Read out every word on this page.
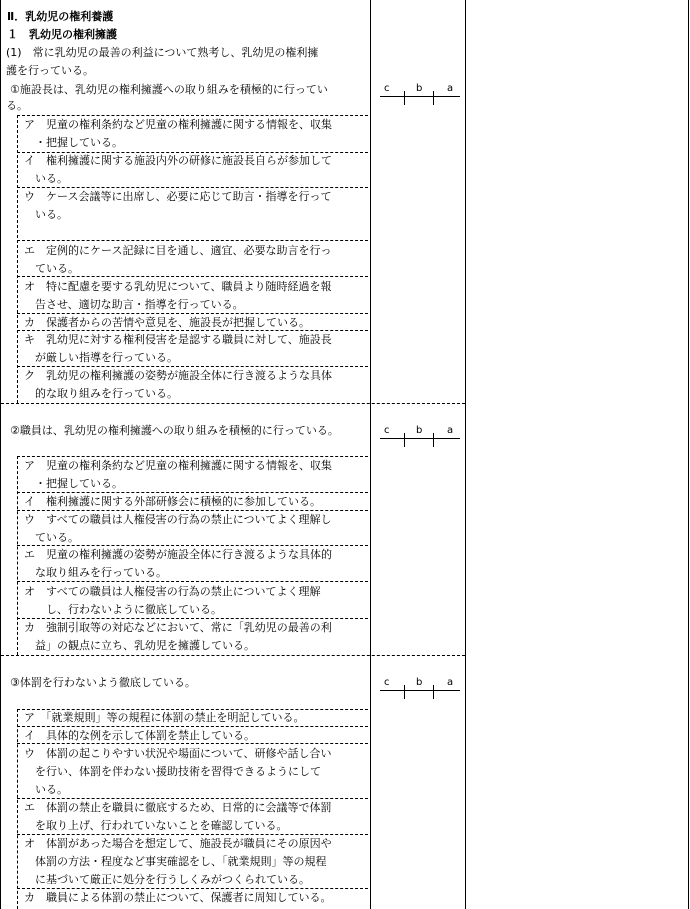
Ⅱ．乳幼児の権利養護
１　乳幼児の権利擁護
(1)　常に乳幼児の最善の利益について熟考し、乳幼児の権利擁
護を行っている。
①施設長は、乳幼児の権利擁護への取り組みを積極的に行ってい
る。
c	b a
ア　児童の権利条約など児童の権利擁護に関する情報を、収集
　・把握している。
イ　権利擁護に関する施設内外の研修に施設長自らが参加して
　いる。
ウ　ケース会議等に出席し、必要に応じて助言・指導を行って
　いる。
エ　定例的にケース記録に目を通し、適宜、必要な助言を行っ
　ている。
オ　特に配慮を要する乳幼児について、職員より随時経過を報
　告させ、適切な助言・指導を行っている。
カ　保護者からの苦情や意見を、施設長が把握している。
キ　乳幼児に対する権利侵害を是認する職員に対して、施設長
　が厳しい指導を行っている。
ク　乳幼児の権利擁護の姿勢が施設全体に行き渡るような具体
　的な取り組みを行っている。
②職員は、乳幼児の権利擁護への取り組みを積極的に行っている。	c	b a
ア　児童の権利条約など児童の権利擁護に関する情報を、収集
　・把握している。
イ　権利擁護に関する外部研修会に積極的に参加している。
ウ　すべての職員は人権侵害の行為の禁止についてよく理解し
　ている。
エ　児童の権利擁護の姿勢が施設全体に行き渡るような具体的
　な取り組みを行っている。
オ　すべての職員は人権侵害の行為の禁止についてよく理解
　　し、行わないように徹底している。
カ　強制引取等の対応などにおいて、常に「乳幼児の最善の利
　益」の観点に立ち、乳幼児を擁護している。
③体罰を行わないよう徹底している。	c	b a
ア　「就業規則」等の規程に体罰の禁止を明記している。
イ　具体的な例を示して体罰を禁止している。
ウ　体罰の起こりやすい状況や場面について、研修や話し合い
　を行い、体罰を伴わない援助技術を習得できるようにして
　いる。
エ　体罰の禁止を職員に徹底するため、日常的に会議等で体罰
　を取り上げ、行われていないことを確認している。
オ　体罰があった場合を想定して、施設長が職員にその原因や
　体罰の方法・程度など事実確認をし、「就業規則」等の規程
　に基づいて厳正に処分を行うしくみがつくられている。
カ　職員による体罰の禁止について、保護者に周知している。
